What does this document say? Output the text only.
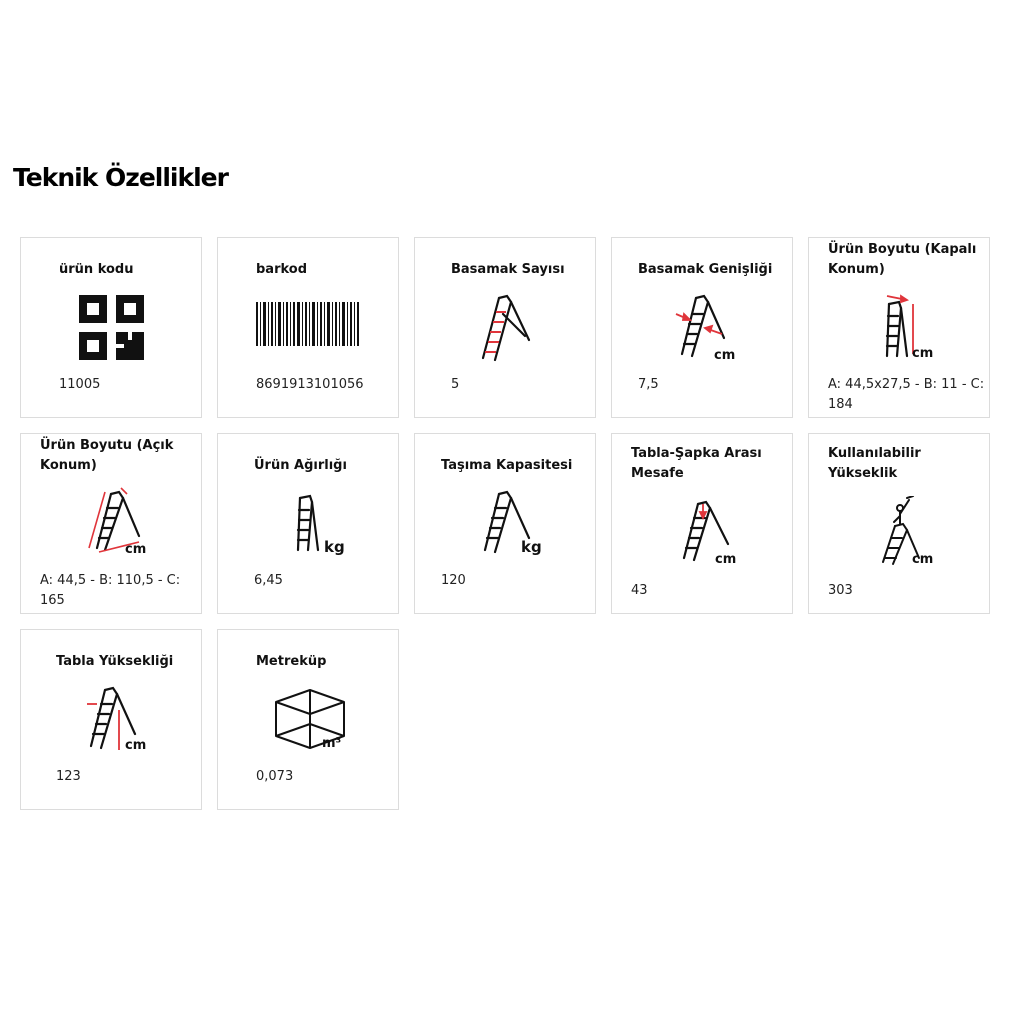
Teknik Özellikler
ürün kodu
11005
barkod
8691913101056
Basamak Sayısı
5
Basamak Genişliği
cm
7,5
Ürün Boyutu (Kapalı Konum)
cm
A: 44,5x27,5 - B: 11 - C: 184
Ürün Boyutu (Açık Konum)
cm
A: 44,5 - B: 110,5 - C: 165
Ürün Ağırlığı
kg
6,45
Taşıma Kapasitesi
kg
120
Tabla-Şapka Arası Mesafe
cm
43
Kullanılabilir Yükseklik
cm
303
Tabla Yüksekliği
cm
123
Metreküp
m³
0,073
